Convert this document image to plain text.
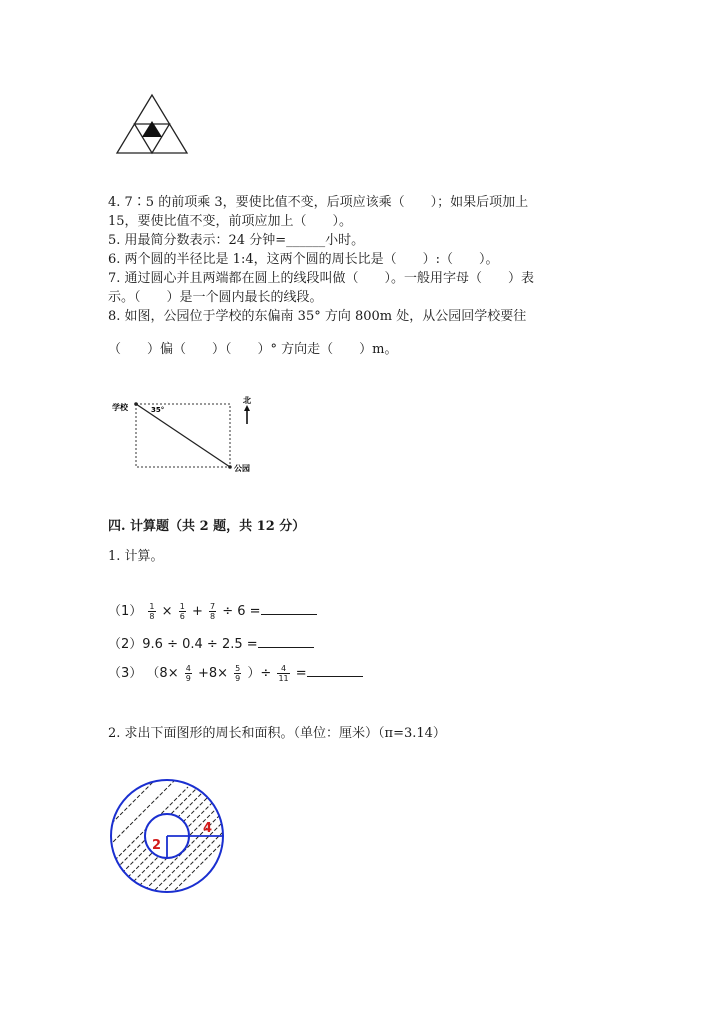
4. 7∶5 的前项乘 3，要使比值不变，后项应该乘（　　）；如果后项加上
15，要使比值不变，前项应加上（　　）。
5. 用最简分数表示：24 分钟=______小时。
6. 两个圆的半径比是 1:4，这两个圆的周长比是（　　）:（　　）。
7. 通过圆心并且两端都在圆上的线段叫做（　　）。一般用字母（　　）表
示。（　　）是一个圆内最长的线段。
8. 如图，公园位于学校的东偏南 35° 方向 800m 处，从公园回学校要往
（　　）偏（　　）（　　）° 方向走（　　）m。
学校
公园
35°
北
四. 计算题（共 2 题，共 12 分）
1. 计算。
$(1) \frac{1}{8} \times \frac{1}{6} + \frac{7}{8} \div 6$ =
（2）9.6 ÷ 0.4 ÷ 2.5 =
（3） （$8\times \frac{4}{9} +8\times \frac{5}{9}$ ）÷ $\frac{4}{11}$ =
2. 求出下面图形的周长和面积。（单位：厘米）（π=3.14）
2
4
